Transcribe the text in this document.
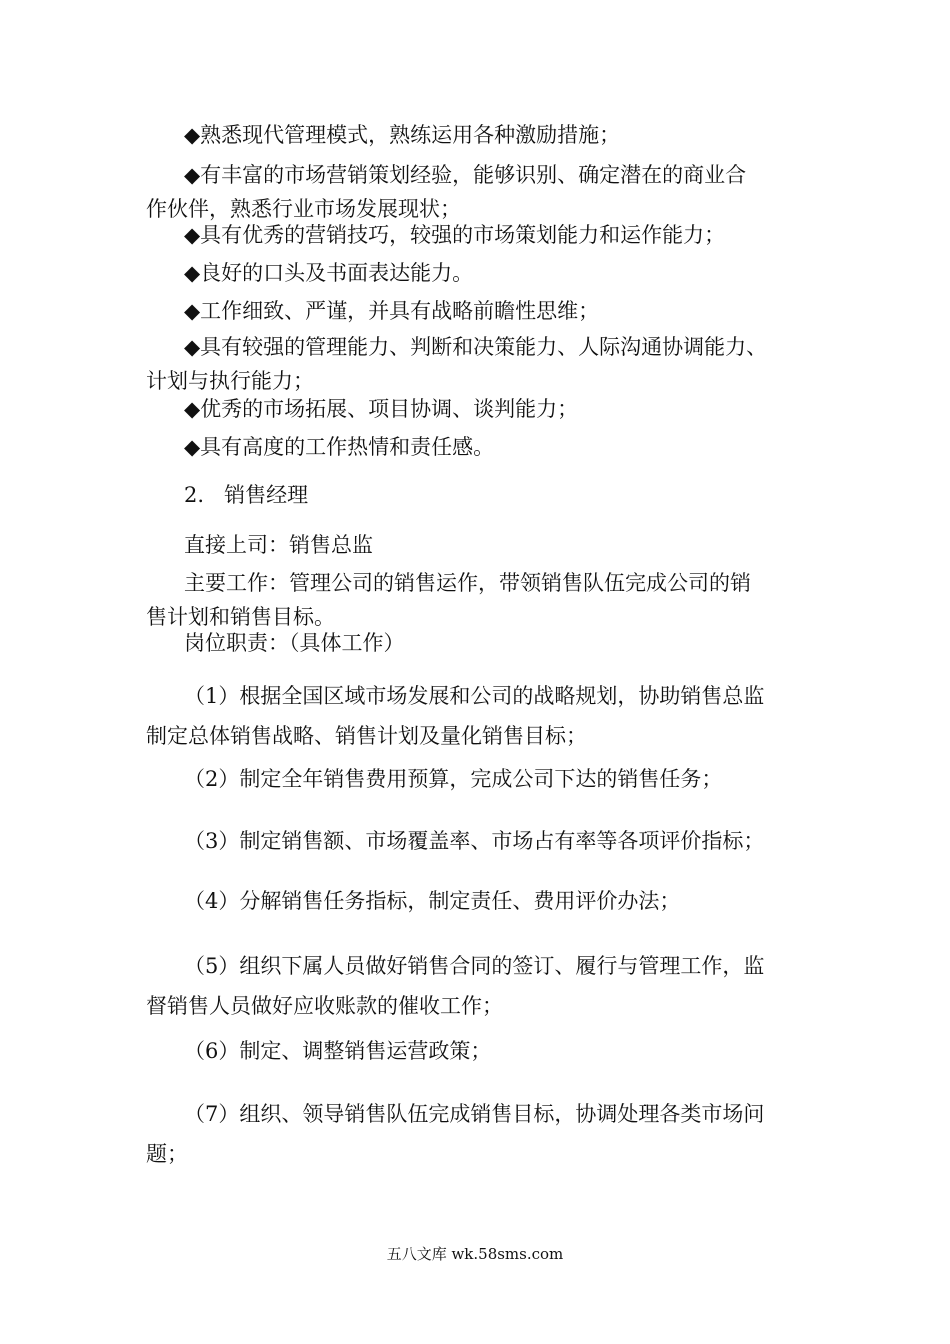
◆熟悉现代管理模式，熟练运用各种激励措施；

◆有丰富的市场营销策划经验，能够识别、确定潜在的商业合
作伙伴，熟悉行业市场发展现状；

◆具有优秀的营销技巧，较强的市场策划能力和运作能力；

◆良好的口头及书面表达能力。

◆工作细致、严谨，并具有战略前瞻性思维；

◆具有较强的管理能力、判断和决策能力、人际沟通协调能力、
计划与执行能力；

◆优秀的市场拓展、项目协调、谈判能力；

◆具有高度的工作热情和责任感。

2. 销售经理

直接上司：销售总监

主要工作：管理公司的销售运作，带领销售队伍完成公司的销
售计划和销售目标。

岗位职责：（具体工作）

（1）根据全国区域市场发展和公司的战略规划，协助销售总监
制定总体销售战略、销售计划及量化销售目标；

（2）制定全年销售费用预算，完成公司下达的销售任务；

（3）制定销售额、市场覆盖率、市场占有率等各项评价指标；

（4）分解销售任务指标，制定责任、费用评价办法；

（5）组织下属人员做好销售合同的签订、履行与管理工作，监
督销售人员做好应收账款的催收工作；

（6）制定、调整销售运营政策；

（7）组织、领导销售队伍完成销售目标，协调处理各类市场问
题；

五八文库 wk.58sms.com
